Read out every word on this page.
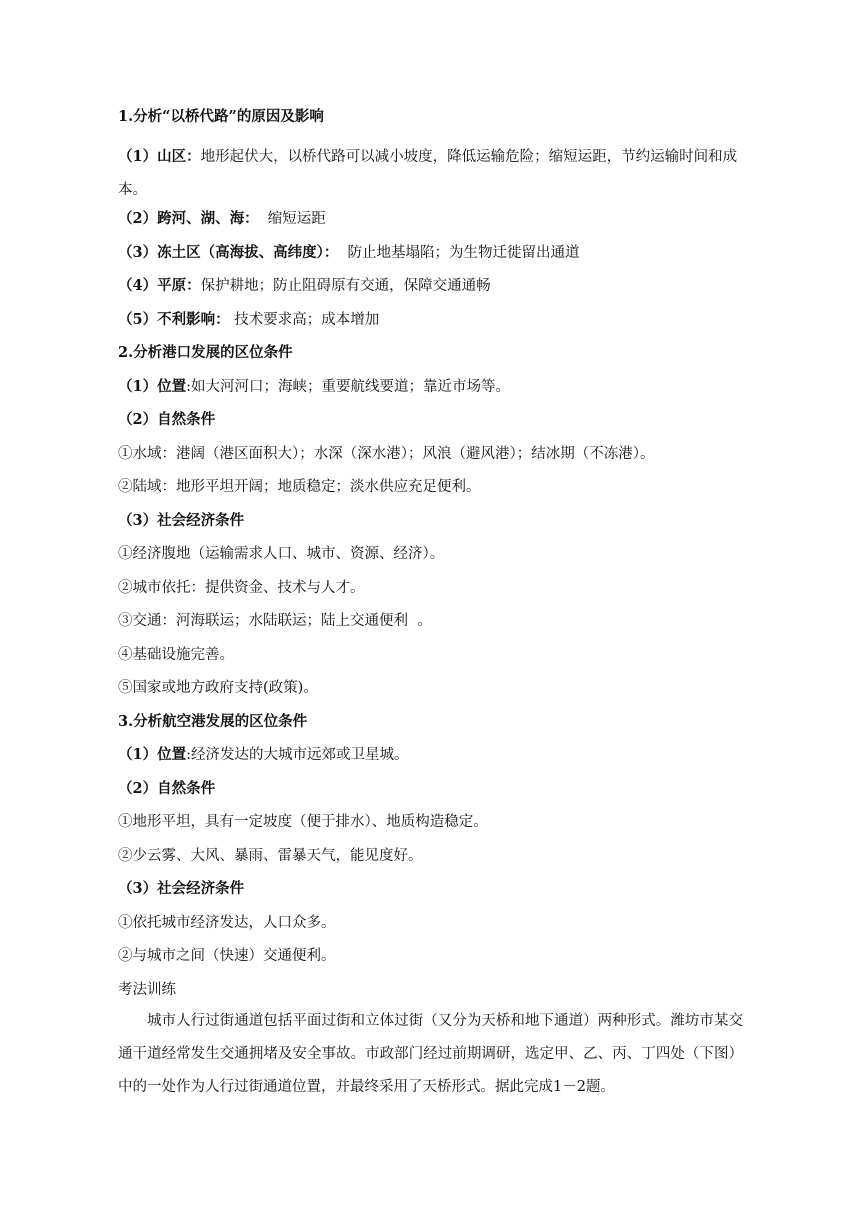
1.分析“以桥代路”的原因及影响

（1）山区：地形起伏大，以桥代路可以减小坡度，降低运输危险；缩短运距，节约运输时间和成本。

（2）跨河、湖、海：  缩短运距

（3）冻土区（高海拔、高纬度）：  防止地基塌陷；为生物迁徙留出通道

（4）平原：保护耕地；防止阻碍原有交通，保障交通通畅

（5）不利影响： 技术要求高；成本增加

2.分析港口发展的区位条件

（1）位置:如大河河口；海峡；重要航线要道；靠近市场等。

（2）自然条件

①水域：港阔（港区面积大）；水深（深水港）；风浪（避风港）；结冰期（不冻港）。

②陆域：地形平坦开阔；地质稳定；淡水供应充足便利。

（3）社会经济条件

①经济腹地（运输需求人口、城市、资源、经济）。

②城市依托：提供资金、技术与人才。

③交通：河海联运；水陆联运；陆上交通便利  。

④基础设施完善。

⑤国家或地方政府支持(政策)。

3.分析航空港发展的区位条件

（1）位置:经济发达的大城市远郊或卫星城。

（2）自然条件

①地形平坦，具有一定坡度（便于排水）、地质构造稳定。

②少云雾、大风、暴雨、雷暴天气，能见度好。

（3）社会经济条件

①依托城市经济发达，人口众多。

②与城市之间（快速）交通便利。

考法训练

城市人行过街通道包括平面过街和立体过街（又分为天桥和地下通道）两种形式。潍坊市某交通干道经常发生交通拥堵及安全事故。市政部门经过前期调研，选定甲、乙、丙、丁四处（下图）中的一处作为人行过街通道位置，并最终采用了天桥形式。据此完成1－2题。
